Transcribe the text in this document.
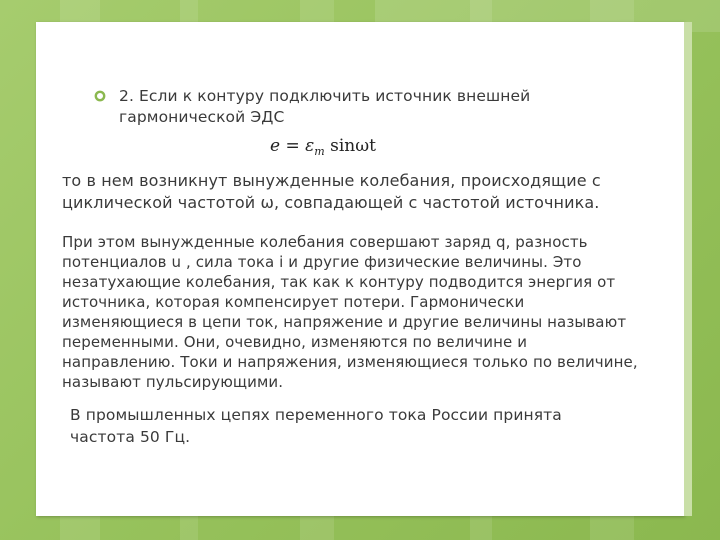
2. Если к контуру подключить источник внешней гармонической ЭДС
$e = \varepsilon_m$ sinωt
то в нем возникнут вынужденные колебания, происходящие с циклической частотой ω, совпадающей с частотой источника.
При этом вынужденные колебания совершают заряд q, разность потенциалов u , сила тока i и другие физические величины. Это незатухающие колебания, так как к контуру подводится энергия от источника, которая компенсирует потери. Гармонически изменяющиеся в цепи ток, напряжение и другие величины называют переменными. Они, очевидно, изменяются по величине и направлению. Токи и напряжения, изменяющиеся только по величине, называют пульсирующими.
В промышленных цепях переменного тока России принята частота 50 Гц.
